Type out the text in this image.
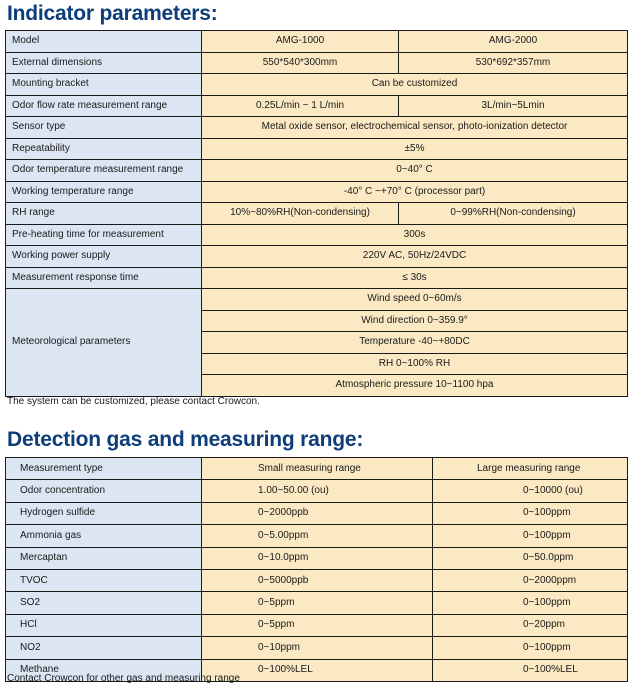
Indicator parameters:
Model	AMG-1000	AMG-2000
External dimensions	550*540*300mm	530*692*357mm
Mounting bracket	Can be customized	
Odor flow rate measurement range	0.25L/min ~ 1 L/min	3L/min~5Lmin
Sensor type	Metal oxide sensor, electrochemical sensor, photo-ionization detector	
Repeatability	±5%	
Odor temperature measurement range	0~40° C	
Working temperature range	-40° C ~+70° C (processor part)	
RH range	10%~80%RH(Non-condensing)	0~99%RH(Non-condensing)
Pre-heating time for measurement	300s	
Working power supply	220V AC, 50Hz/24VDC	
Measurement response time	≤ 30s	
Meteorological parameters	Wind speed 0~60m/s	
	Wind direction 0~359.9°	
	Temperature -40~+80DC	
	RH 0~100% RH	
	Atmospheric pressure 10~1100 hpa	
The system can be customized, please contact Crowcon.
Detection gas and measuring range:
Measurement type	Small measuring range	Large measuring range
Odor concentration	1.00~50.00 (ou)	0~10000 (ou)
Hydrogen sulfide	0~2000ppb	0~100ppm
Ammonia gas	0~5.00ppm	0~100ppm
Mercaptan	0~10.0ppm	0~50.0ppm
TVOC	0~5000ppb	0~2000ppm
SO2	0~5ppm	0~100ppm
HCl	0~5ppm	0~20ppm
NO2	0~10ppm	0~100ppm
Methane	0~100%LEL	0~100%LEL
Contact Crowcon for other gas and measuring range
